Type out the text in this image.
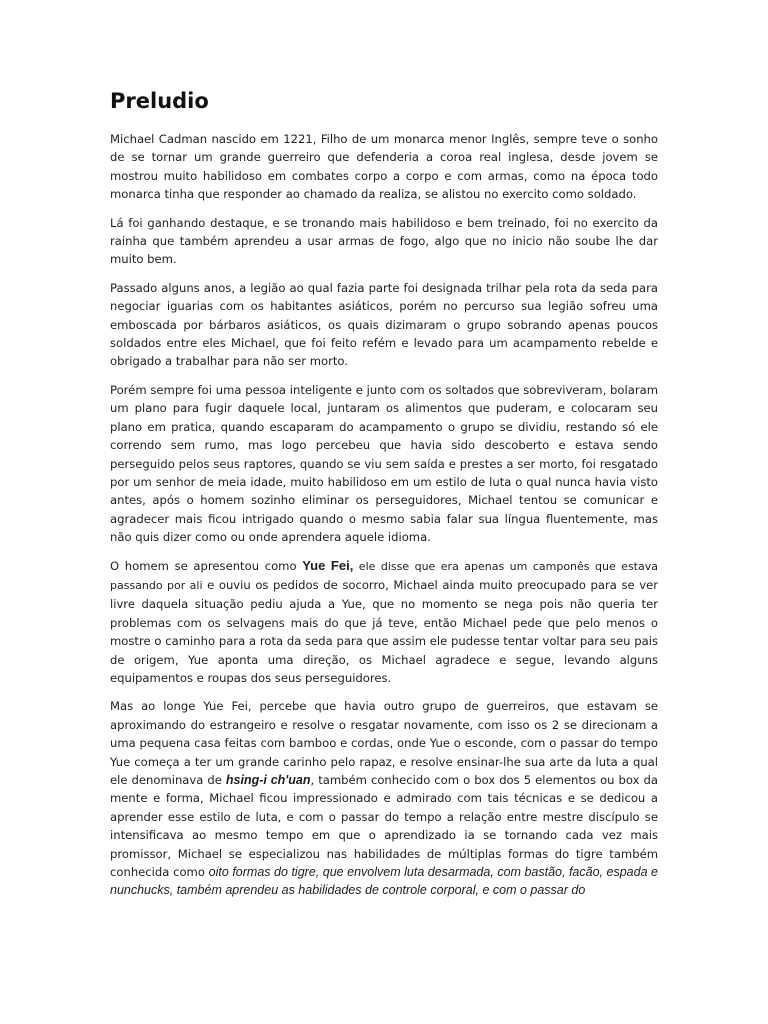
Preludio

Michael Cadman nascido em 1221, Filho de um monarca menor Inglês, sempre teve o sonho de se tornar um grande guerreiro que defenderia a coroa real inglesa, desde jovem se mostrou muito habilidoso em combates corpo a corpo e com armas, como na época todo monarca tinha que responder ao chamado da realiza, se alistou no exercito como soldado.

Lá foi ganhando destaque, e se tronando mais habilidoso e bem treinado, foi no exercito da rainha que também aprendeu a usar armas de fogo, algo que no inicio não soube lhe dar muito bem.

Passado alguns anos, a legião ao qual fazia parte foi designada trilhar pela rota da seda para negociar iguarias com os habitantes asiáticos, porém no percurso sua legião sofreu uma emboscada por bárbaros asiáticos, os quais dizimaram o grupo sobrando apenas poucos soldados entre eles Michael, que foi feito refém e levado para um acampamento rebelde e obrigado a trabalhar para não ser morto.

Porém sempre foi uma pessoa inteligente e junto com os soltados que sobreviveram, bolaram um plano para fugir daquele local, juntaram os alimentos que puderam, e colocaram seu plano em pratica, quando escaparam do acampamento o grupo se dividiu, restando só ele correndo sem rumo, mas logo percebeu que havia sido descoberto e estava sendo perseguido pelos seus raptores, quando se viu sem saída e prestes a ser morto, foi resgatado por um senhor de meia idade, muito habilidoso em um estilo de luta o qual nunca havia visto antes, após o homem sozinho eliminar os perseguidores, Michael tentou se comunicar e agradecer mais ficou intrigado quando o mesmo sabia falar sua língua fluentemente, mas não quis dizer como ou onde aprendera aquele idioma.

O homem se apresentou como Yue Fei, ele disse que era apenas um camponês que estava passando por ali e ouviu os pedidos de socorro, Michael ainda muito preocupado para se ver livre daquela situação pediu ajuda a Yue, que no momento se nega pois não queria ter problemas com os selvagens mais do que já teve, então Michael pede que pelo menos o mostre o caminho para a rota da seda para que assim ele pudesse tentar voltar para seu pais de origem, Yue aponta uma direção, os Michael agradece e segue, levando alguns equipamentos e roupas dos seus perseguidores.

Mas ao longe Yue Fei, percebe que havia outro grupo de guerreiros, que estavam se aproximando do estrangeiro e resolve o resgatar novamente, com isso os 2 se direcionam a uma pequena casa feitas com bamboo e cordas, onde Yue o esconde, com o passar do tempo Yue começa a ter um grande carinho pelo rapaz, e resolve ensinar-lhe sua arte da luta a qual ele denominava de hsing-i ch'uan, também conhecido com o box dos 5 elementos ou box da mente e forma, Michael ficou impressionado e admirado com tais técnicas e se dedicou a aprender esse estilo de luta, e com o passar do tempo a relação entre mestre discípulo se intensificava ao mesmo tempo em que o aprendizado ia se tornando cada vez mais promissor, Michael se especializou nas habilidades de múltiplas formas do tigre também conhecida como oito formas do tigre, que envolvem luta desarmada, com bastão, facão, espada e nunchucks, também aprendeu as habilidades de controle corporal, e com o passar do
